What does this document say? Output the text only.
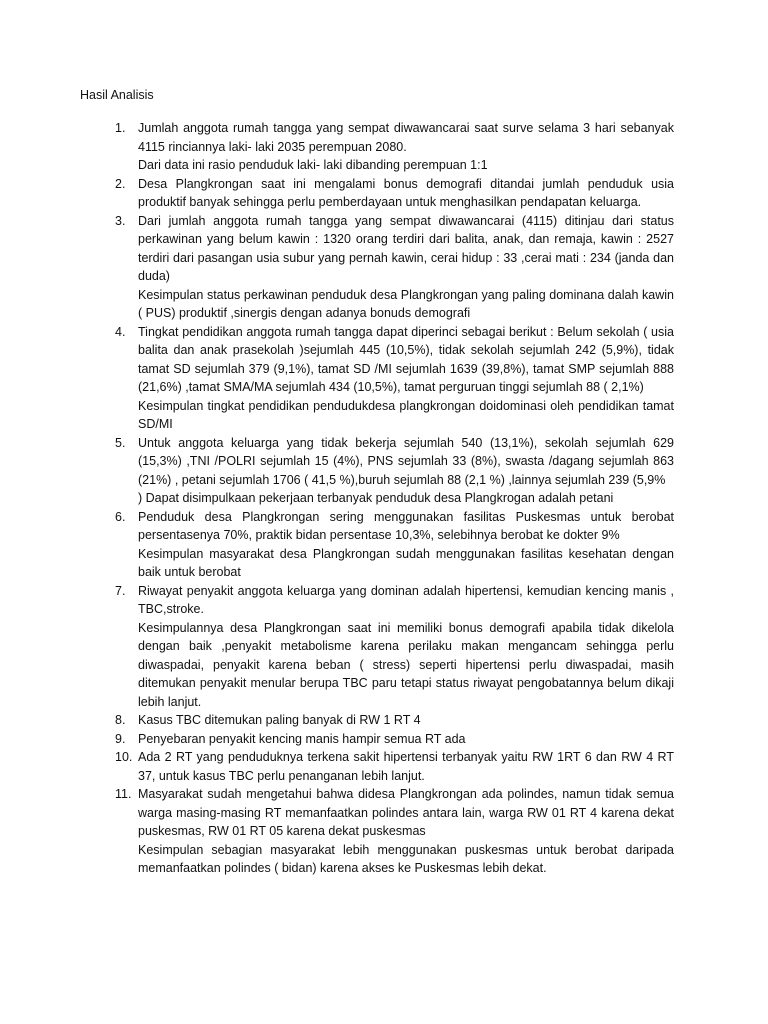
Hasil Analisis
1.	Jumlah anggota rumah tangga yang sempat diwawancarai saat surve selama 3 hari sebanyak 4115 rinciannya laki- laki 2035 perempuan 2080.

Dari data ini rasio penduduk laki- laki dibanding perempuan 1:1

2.	Desa Plangkrongan saat ini mengalami bonus demografi ditandai jumlah penduduk usia produktif banyak sehingga perlu pemberdayaan untuk menghasilkan pendapatan keluarga.

3.	Dari jumlah anggota rumah tangga yang sempat diwawancarai (4115) ditinjau dari status perkawinan yang belum kawin : 1320 orang terdiri dari balita, anak, dan remaja, kawin : 2527 terdiri dari pasangan usia subur yang pernah kawin, cerai hidup : 33 ,cerai mati : 234 (janda dan duda)

Kesimpulan status perkawinan penduduk desa Plangkrongan yang paling dominana dalah kawin ( PUS) produktif ,sinergis dengan adanya bonuds demografi

4.	Tingkat pendidikan anggota rumah tangga dapat diperinci sebagai berikut : Belum sekolah ( usia balita dan anak prasekolah )sejumlah 445 (10,5%), tidak sekolah sejumlah 242 (5,9%), tidak tamat SD sejumlah 379 (9,1%), tamat SD /MI sejumlah 1639 (39,8%), tamat SMP sejumlah 888 (21,6%) ,tamat SMA/MA sejumlah 434 (10,5%), tamat perguruan tinggi sejumlah 88 ( 2,1%)

Kesimpulan tingkat pendidikan pendudukdesa plangkrongan doidominasi oleh pendidikan tamat SD/MI

5.	Untuk anggota keluarga yang tidak bekerja sejumlah 540 (13,1%), sekolah sejumlah 629 (15,3%) ,TNI /POLRI sejumlah 15 (4%), PNS sejumlah 33 (8%), swasta /dagang sejumlah 863 (21%) , petani sejumlah 1706 ( 41,5 %),buruh sejumlah 88 (2,1 %) ,lainnya sejumlah 239 (5,9%

) Dapat disimpulkaan pekerjaan terbanyak penduduk desa Plangkrogan adalah petani

6.	Penduduk desa Plangkrongan sering menggunakan fasilitas Puskesmas untuk berobat persentasenya 70%, praktik bidan persentase 10,3%, selebihnya berobat ke dokter 9%

Kesimpulan masyarakat desa Plangkrongan sudah menggunakan fasilitas kesehatan dengan baik untuk berobat

7.	Riwayat penyakit anggota keluarga yang dominan adalah hipertensi, kemudian kencing manis , TBC,stroke.

Kesimpulannya desa Plangkrongan saat ini memiliki bonus demografi apabila tidak dikelola dengan baik ,penyakit metabolisme karena perilaku makan mengancam sehingga perlu diwaspadai, penyakit karena beban ( stress) seperti hipertensi perlu diwaspadai, masih ditemukan penyakit menular berupa TBC paru tetapi status riwayat pengobatannya belum dikaji lebih lanjut.

8.	Kasus TBC ditemukan paling banyak di RW 1 RT 4

9.	Penyebaran penyakit kencing manis hampir semua RT ada

10. Ada 2 RT yang penduduknya terkena sakit hipertensi terbanyak yaitu RW 1RT 6 dan RW 4 RT 37, untuk kasus TBC perlu penanganan lebih lanjut.

11. Masyarakat sudah mengetahui bahwa didesa Plangkrongan ada polindes, namun tidak semua warga masing-masing RT memanfaatkan polindes antara lain, warga RW 01 RT 4 karena dekat puskesmas, RW 01 RT 05 karena dekat puskesmas

Kesimpulan sebagian masyarakat lebih menggunakan puskesmas untuk berobat daripada memanfaatkan polindes ( bidan) karena akses ke Puskesmas lebih dekat.
